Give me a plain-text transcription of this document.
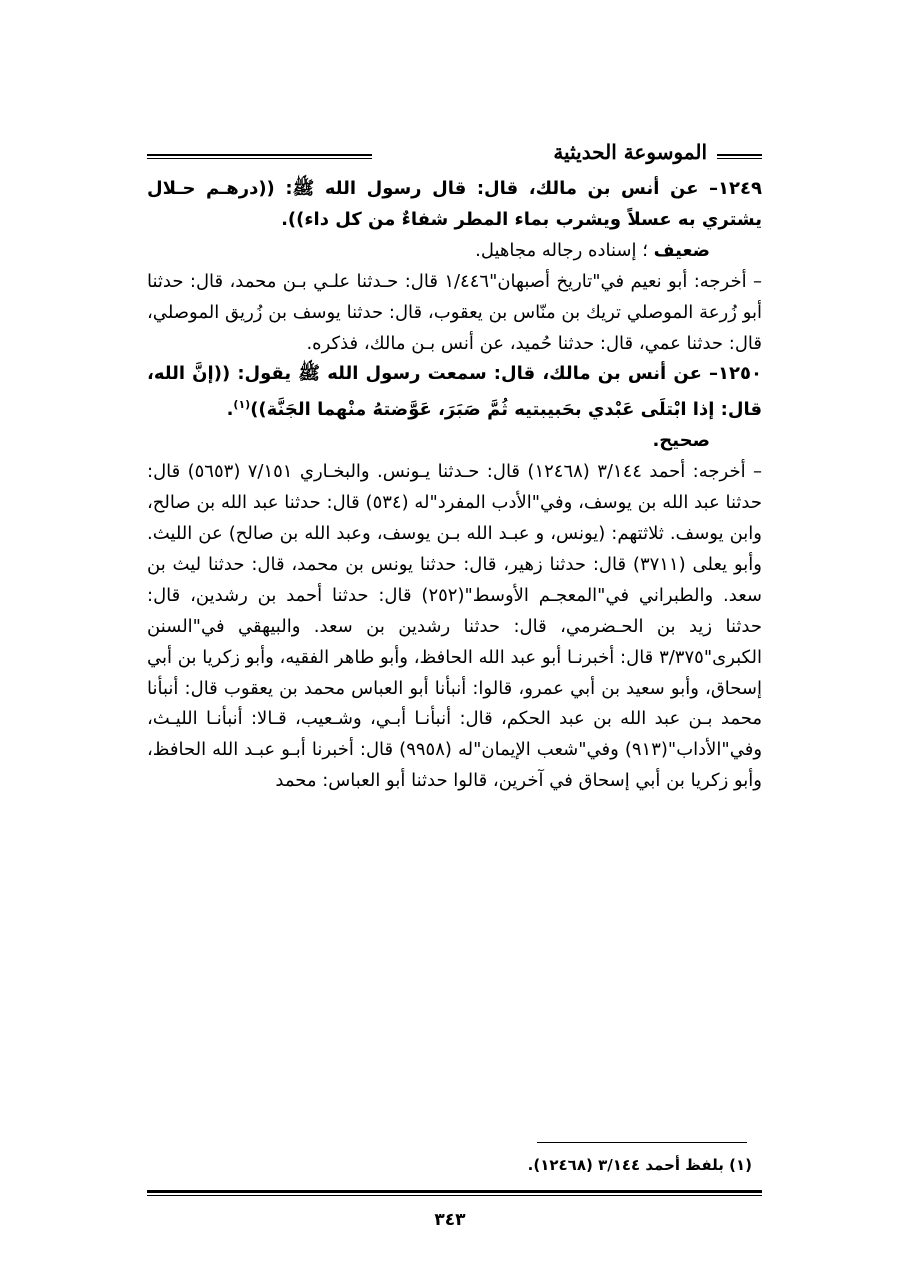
الموسوعة الحديثية

١٢٤٩– عن أنس بن مالك، قال: قال رسول الله ﷺ: ((درهـم حـلال يشتري به عسلاً ويشرب بماء المطر شفاءٌ من كل داء)).

ضعيف ؛ إسناده رجاله مجاهيل.

– أخرجه: أبو نعيم في"تاريخ أصبهان"١/٤٤٦ قال: حـدثنا علـي بـن محمد، قال: حدثنا أبو زُرعة الموصلي تريك بن منّاس بن يعقوب، قال: حدثنا يوسف بن زُريق الموصلي، قال: حدثنا عمي، قال: حدثنا حُميد، عن أنس بـن مالك، فذكره.

١٢٥٠– عن أنس بن مالك، قال: سمعت رسول الله ﷺ يقول: ((إنَّ الله، قال: إذا ابْتلَى عَبْدي بحَبيبتيه ثُمَّ صَبَرَ، عَوَّضتهُ منْهما الجَنَّة))$^{(١)}$.

صحيح.

– أخرجه: أحمد ٣/١٤٤ (١٢٤٦٨) قال: حـدثنا يـونس. والبخـاري ٧/١٥١ (٥٦٥٣) قال: حدثنا عبد الله بن يوسف، وفي"الأدب المفرد"له (٥٣٤) قال: حدثنا عبد الله بن صالح، وابن يوسف. ثلاثتهم: (يونس، و عبـد الله بـن يوسف، وعبد الله بن صالح) عن الليث. وأبو يعلى (٣٧١١) قال: حدثنا زهير، قال: حدثنا يونس بن محمد، قال: حدثنا ليث بن سعد. والطبراني في"المعجـم الأوسط"(٢٥٢) قال: حدثنا أحمد بن رشدين، قال: حدثنا زيد بن الحـضرمي، قال: حدثنا رشدين بن سعد. والبيهقي في"السنن الكبرى"٣/٣٧٥ قال: أخبرنـا أبو عبد الله الحافظ، وأبو طاهر الفقيه، وأبو زكريا بن أبي إسحاق، وأبو سعيد بن أبي عمرو، قالوا: أنبأنا أبو العباس محمد بن يعقوب قال: أنبأنا محمد بـن عبد الله بن عبد الحكم، قال: أنبأنـا أبـي، وشـعيب، قـالا: أنبأنـا الليـث، وفي"الأداب"(٩١٣) وفي"شعب الإيمان"له (٩٩٥٨) قال: أخبرنا أبـو عبـد الله الحافظ، وأبو زكريا بن أبي إسحاق في آخرين، قالوا حدثنا أبو العباس: محمد

(١) بلفظ أحمد ٣/١٤٤ (١٢٤٦٨).
٣٤٣
